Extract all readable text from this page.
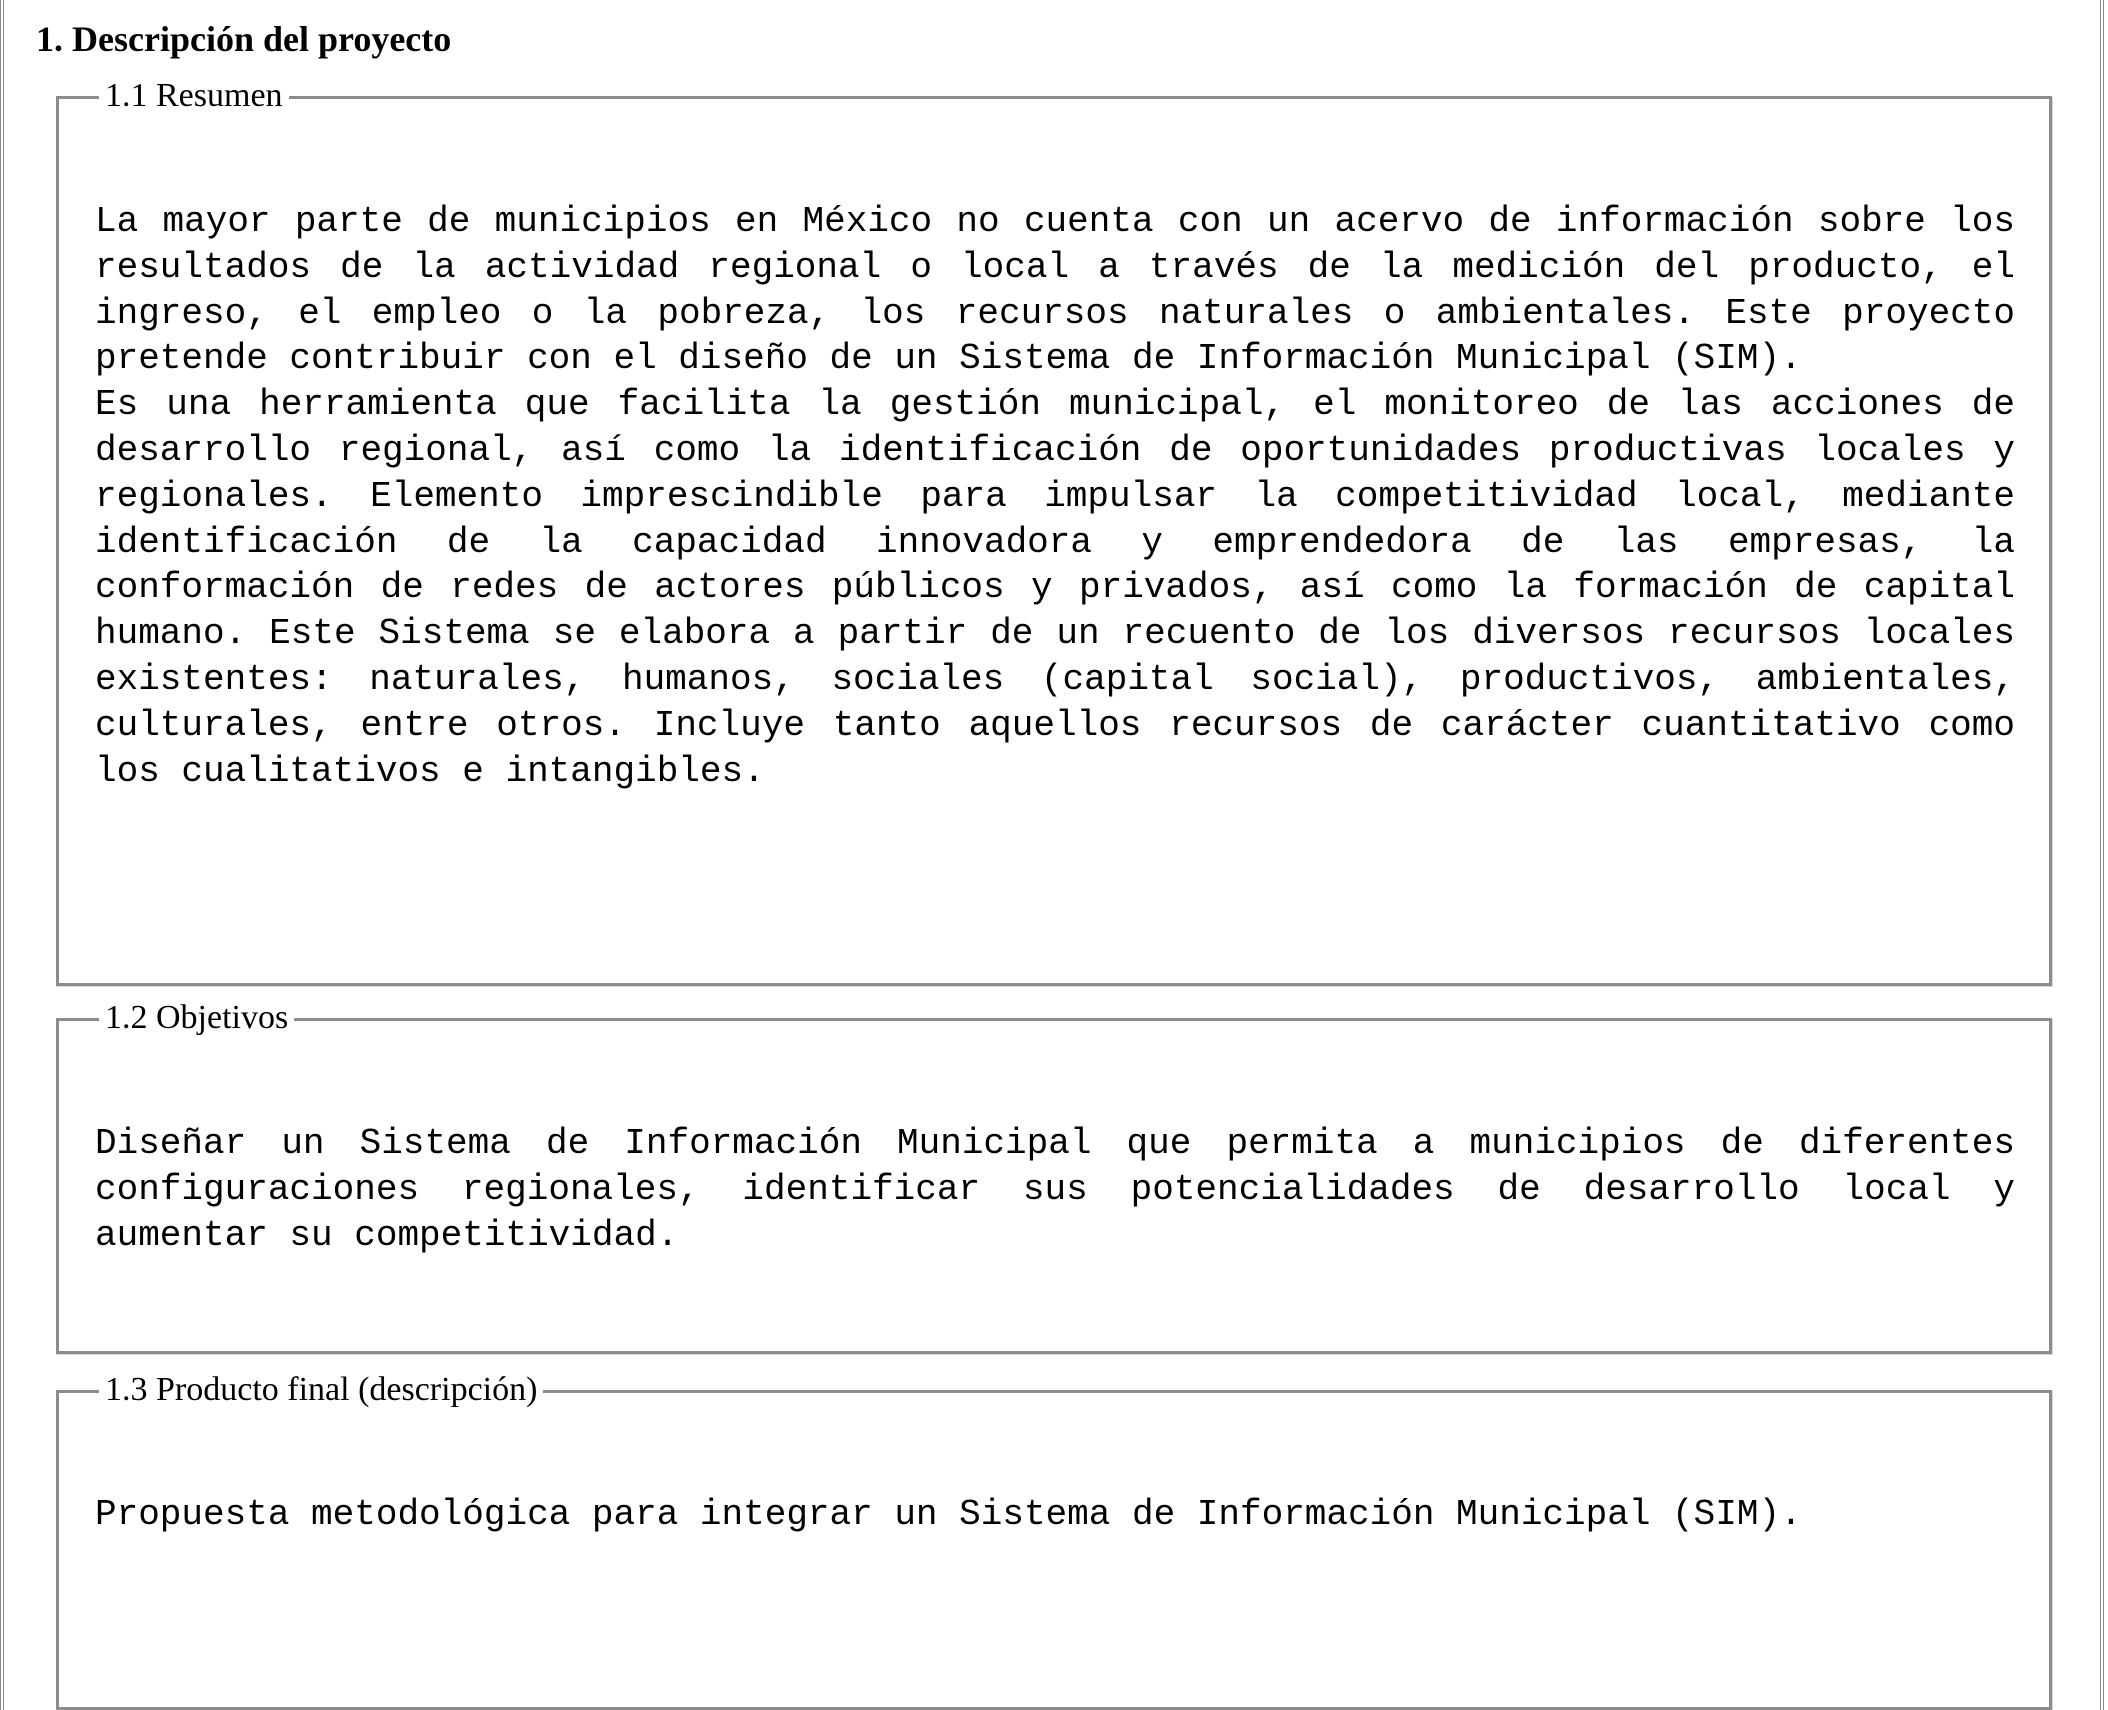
1. Descripción del proyecto
1.1 Resumen

La mayor parte de municipios en México no cuenta con un acervo de información sobre los resultados de la actividad regional o local a través de la medición del producto, el ingreso, el empleo o la pobreza, los recursos naturales o ambientales. Este proyecto pretende contribuir con el diseño de un Sistema de Información Municipal (SIM).

Es una herramienta que facilita la gestión municipal, el monitoreo de las acciones de desarrollo regional, así como la identificación de oportunidades productivas locales y regionales. Elemento imprescindible para impulsar la competitividad local, mediante identificación de la capacidad innovadora y emprendedora de las empresas, la conformación de redes de actores públicos y privados, así como la formación de capital humano. Este Sistema se elabora a partir de un recuento de los diversos recursos locales existentes: naturales, humanos, sociales (capital social), productivos, ambientales, culturales, entre otros. Incluye tanto aquellos recursos de carácter cuantitativo como los cualitativos e intangibles.

1.2 Objetivos

Diseñar un Sistema de Información Municipal que permita a municipios de diferentes configuraciones regionales, identificar sus potencialidades de desarrollo local y aumentar su competitividad.

1.3 Producto final (descripción)

Propuesta metodológica para integrar un Sistema de Información Municipal (SIM).
